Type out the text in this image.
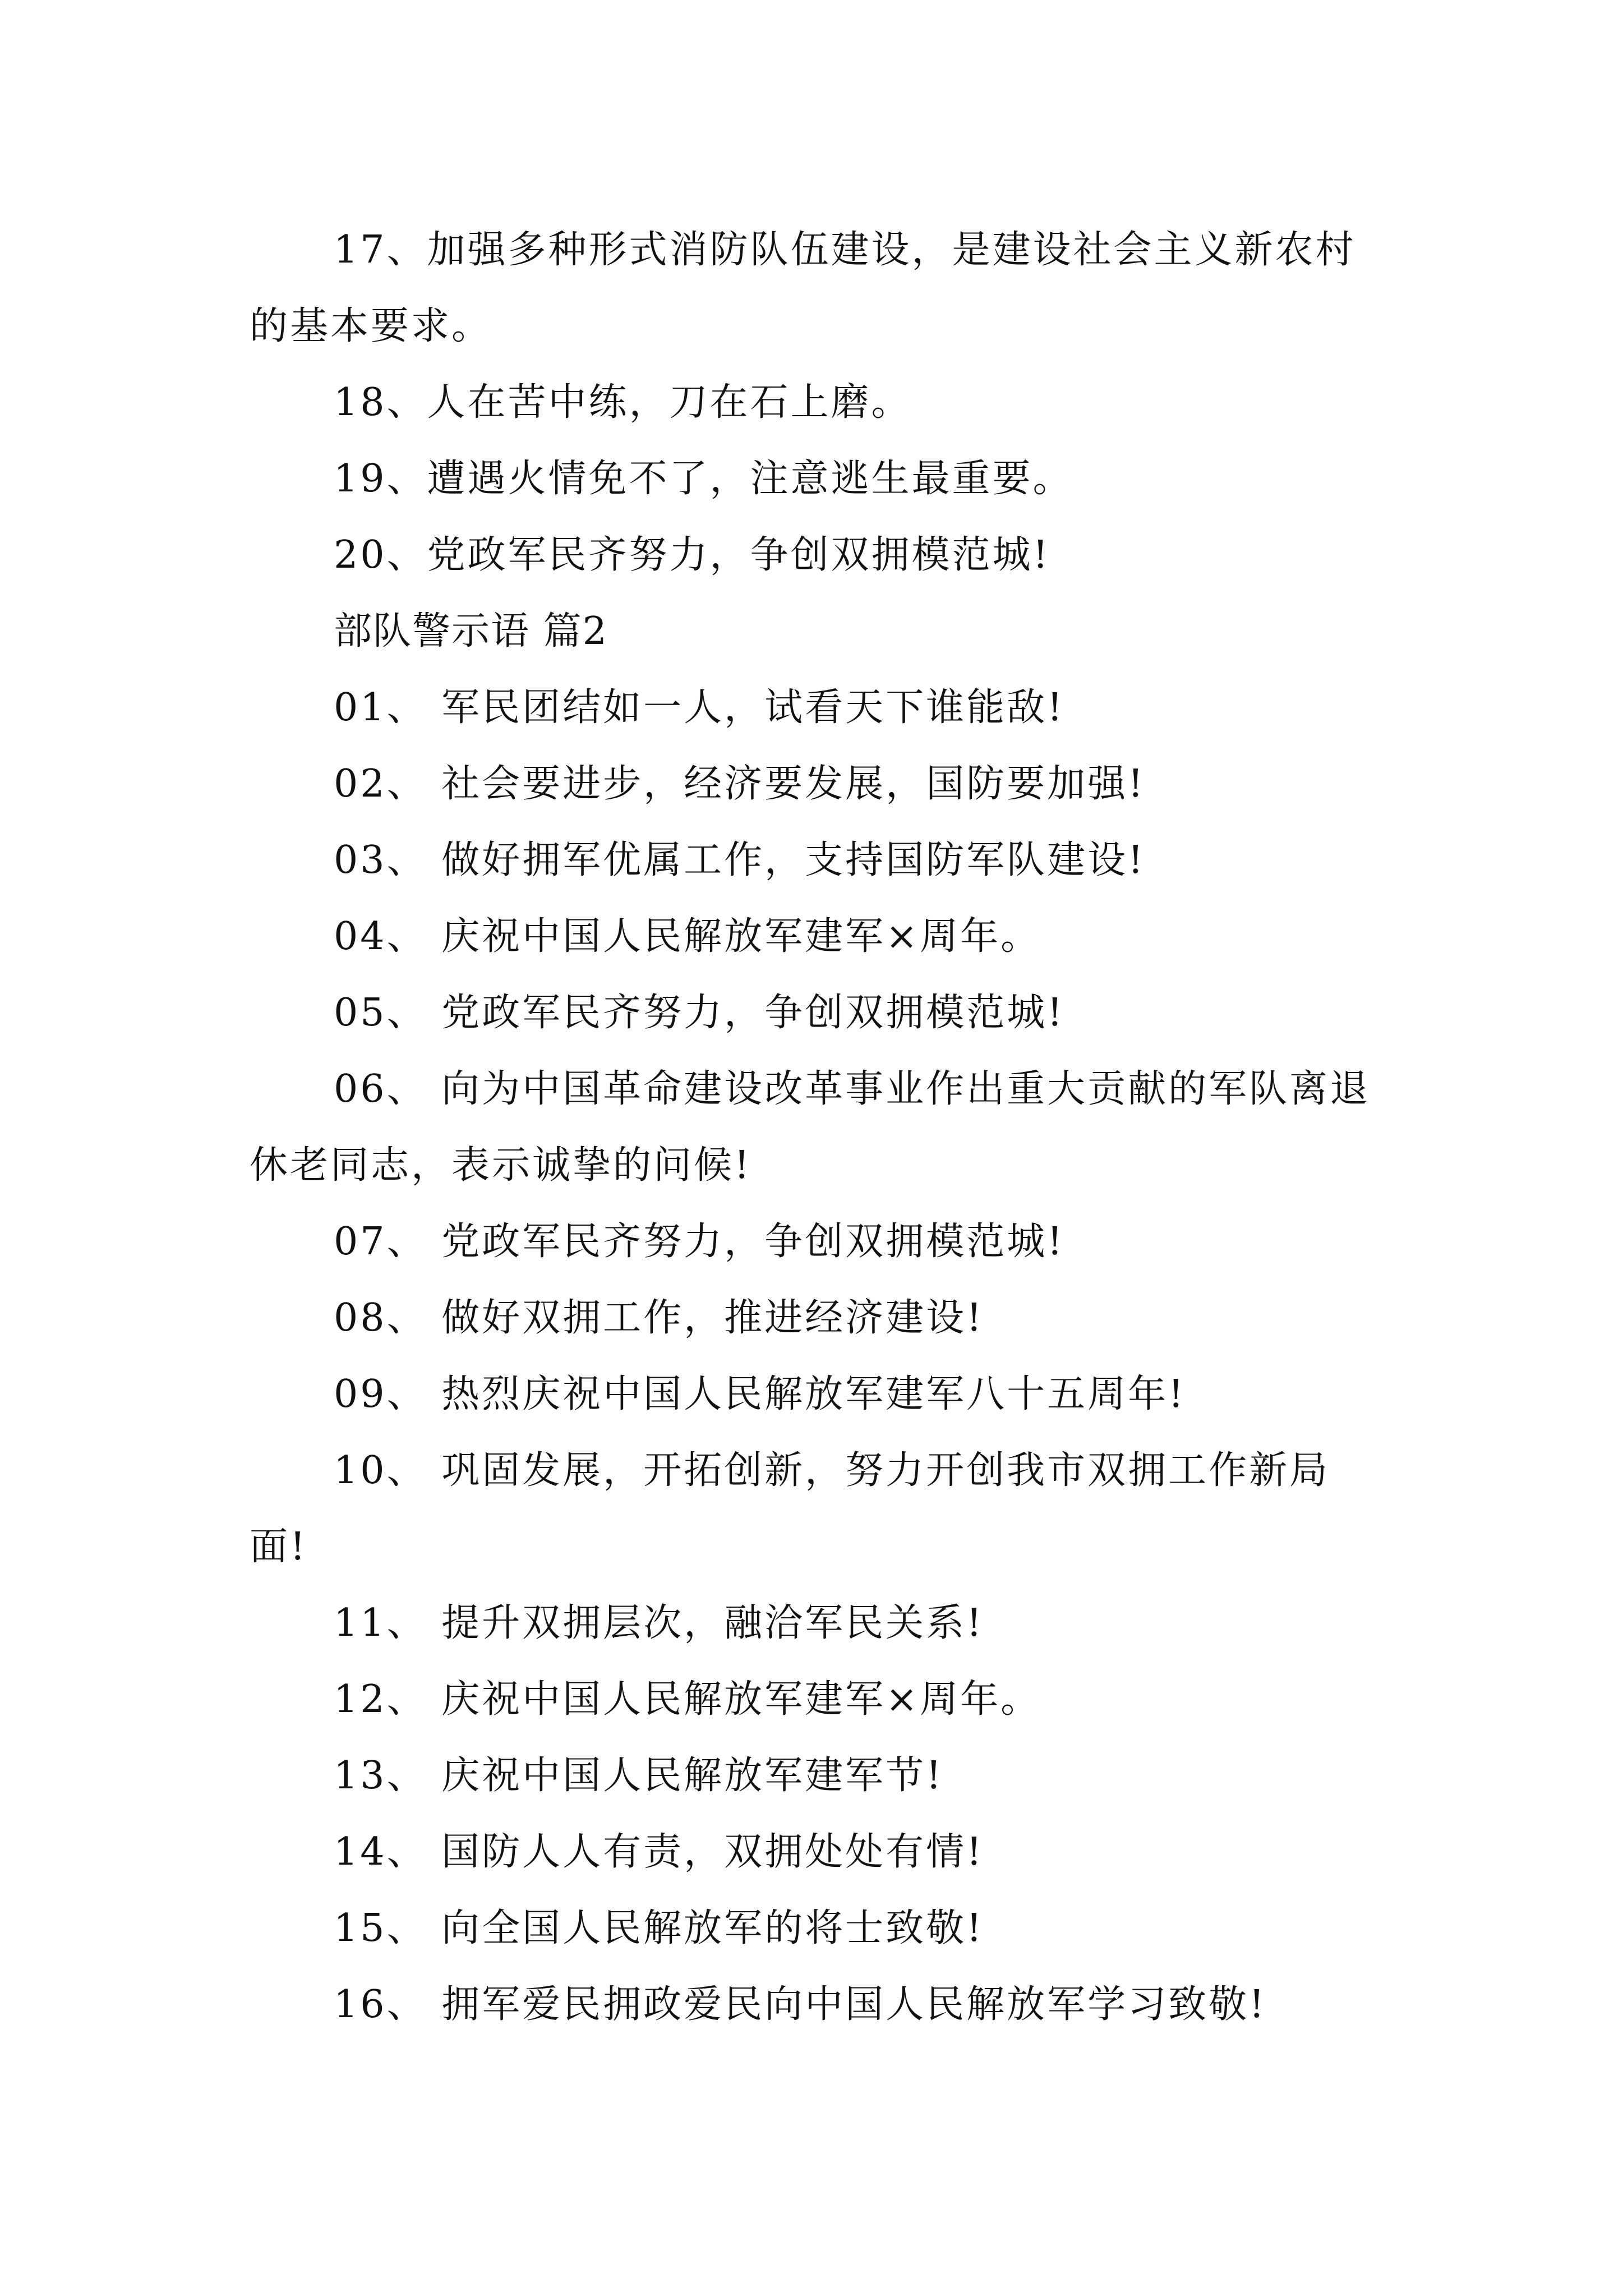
17、加强多种形式消防队伍建设，是建设社会主义新农村的基本要求。

18、人在苦中练，刀在石上磨。

19、遭遇火情免不了，注意逃生最重要。

20、党政军民齐努力，争创双拥模范城!

部队警示语 篇2

01、 军民团结如一人，试看天下谁能敌!

02、 社会要进步，经济要发展，国防要加强!

03、 做好拥军优属工作，支持国防军队建设!

04、 庆祝中国人民解放军建军×周年。

05、 党政军民齐努力，争创双拥模范城!

06、 向为中国革命建设改革事业作出重大贡献的军队离退休老同志，表示诚挚的问候!

07、 党政军民齐努力，争创双拥模范城!

08、 做好双拥工作，推进经济建设!

09、 热烈庆祝中国人民解放军建军八十五周年!

10、 巩固发展，开拓创新，努力开创我市双拥工作新局面!

11、 提升双拥层次，融洽军民关系!

12、 庆祝中国人民解放军建军×周年。

13、 庆祝中国人民解放军建军节!

14、 国防人人有责，双拥处处有情!

15、 向全国人民解放军的将士致敬!

16、 拥军爱民拥政爱民向中国人民解放军学习致敬!
